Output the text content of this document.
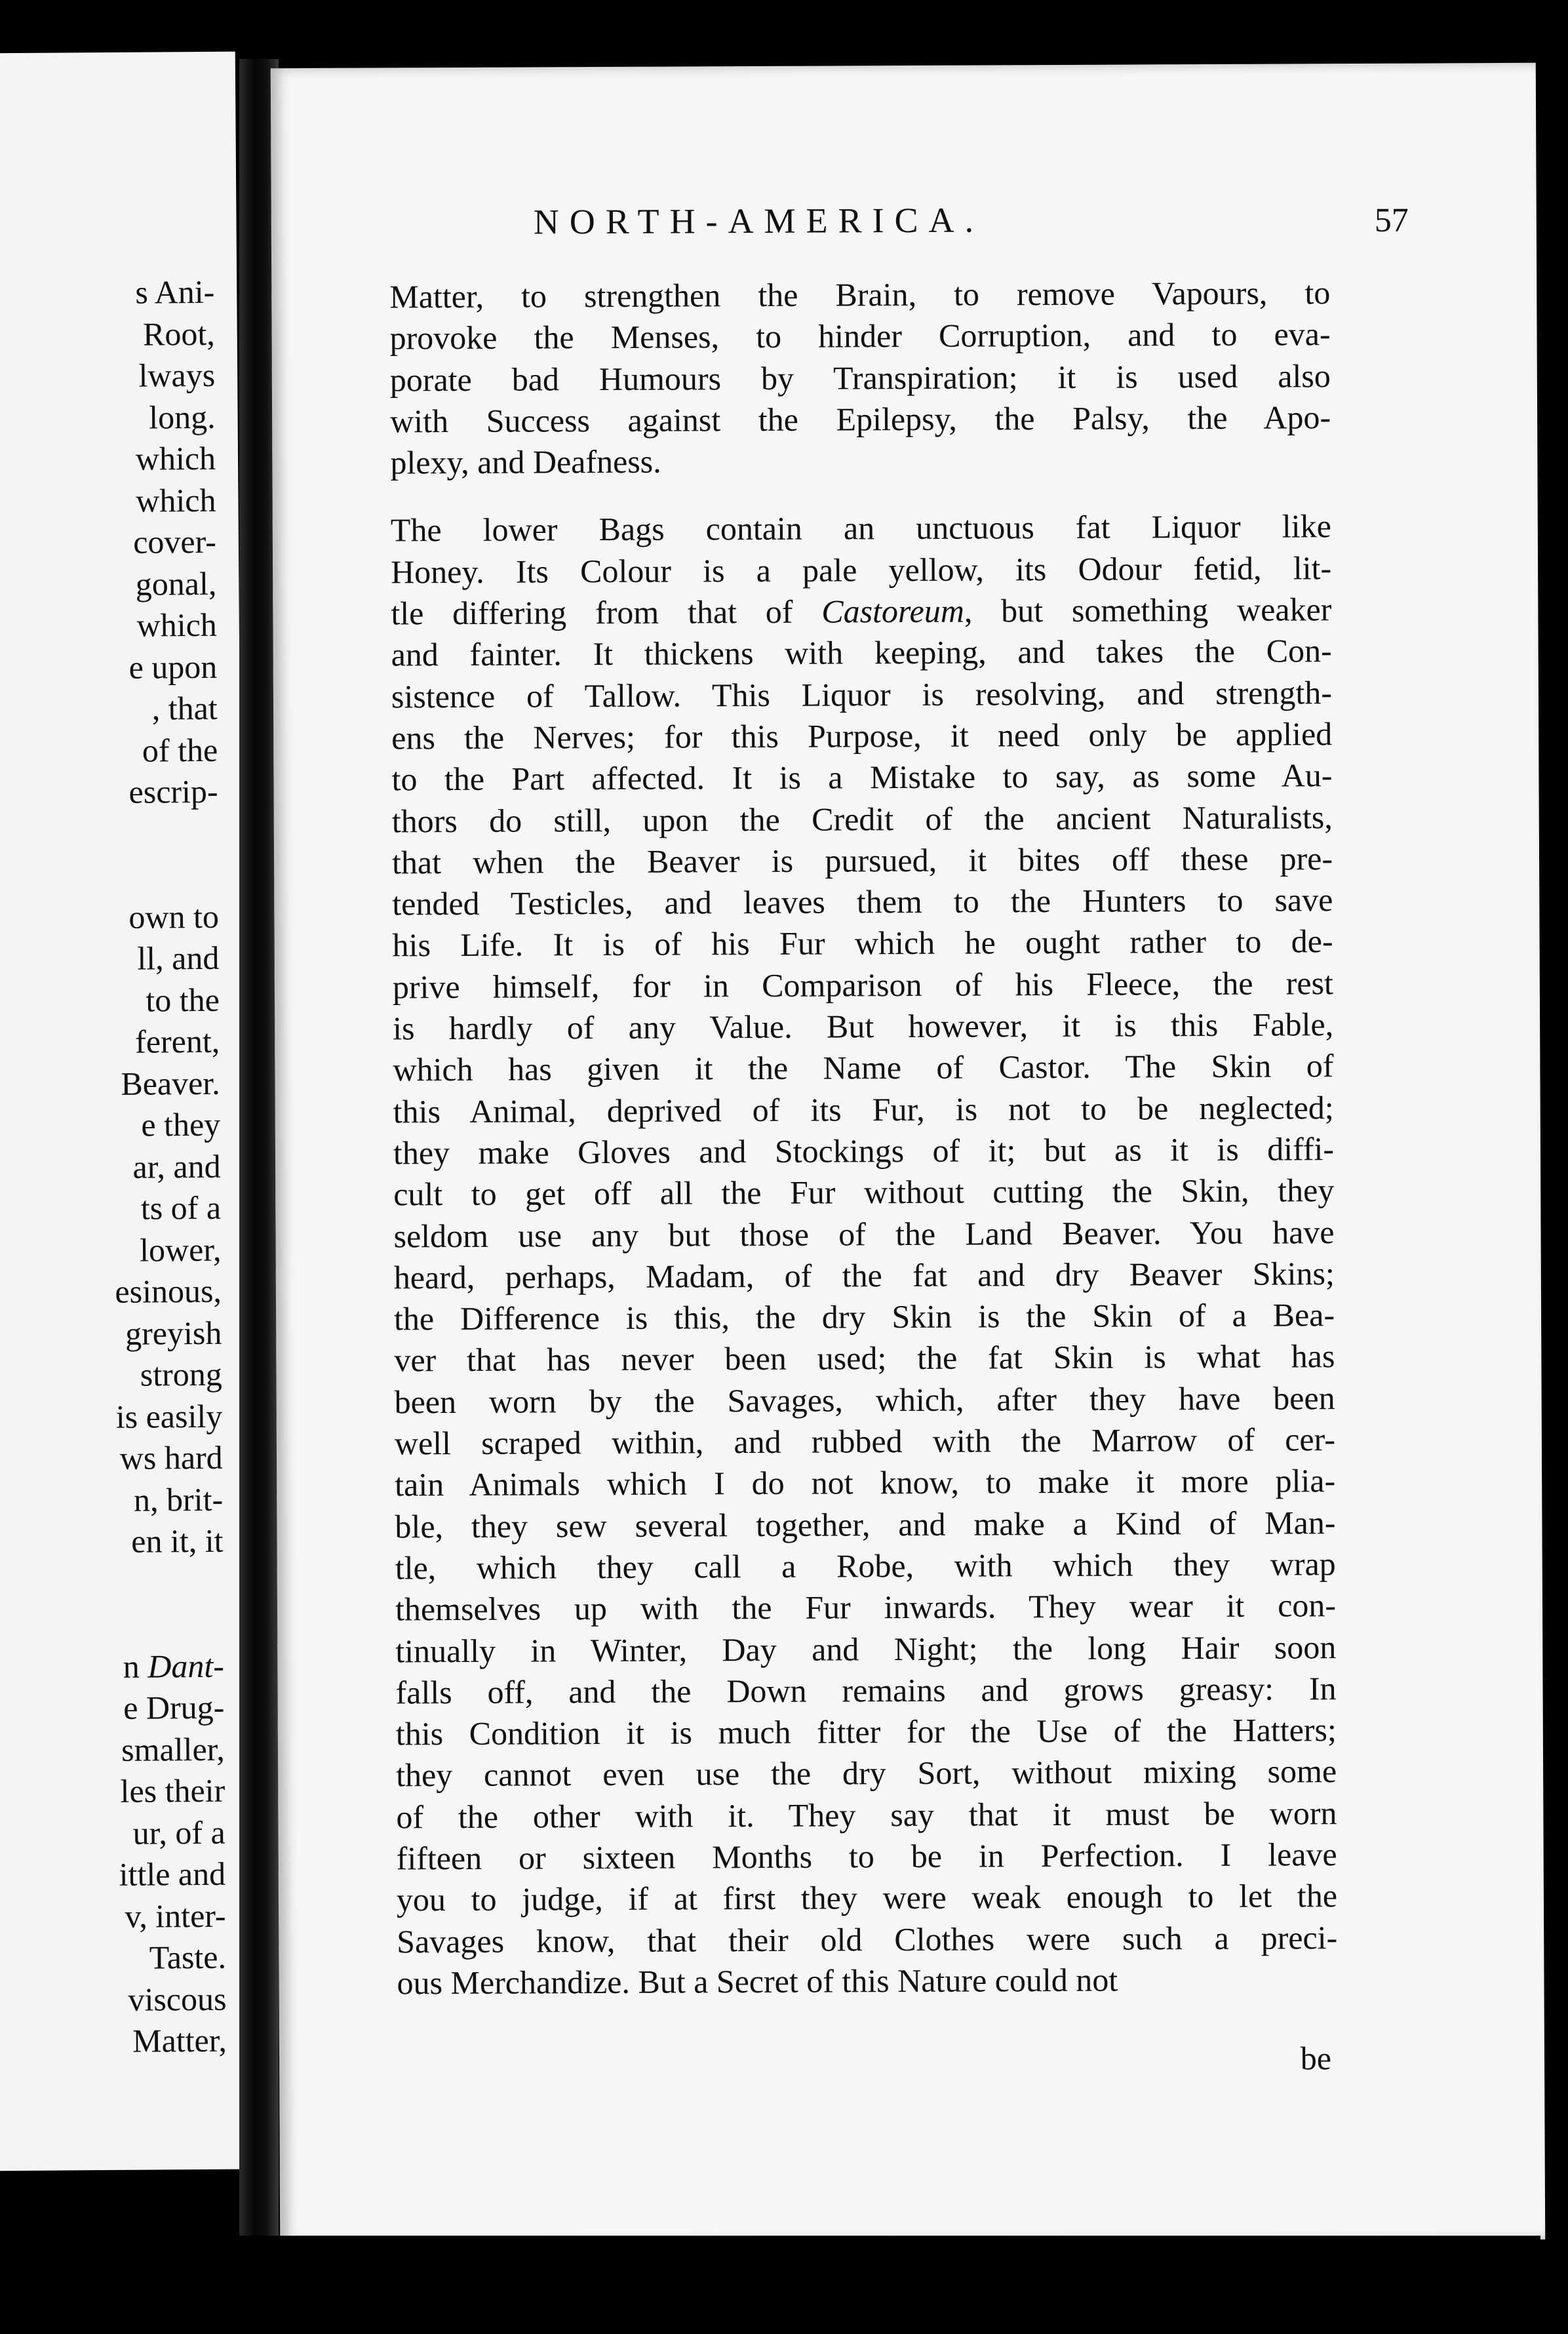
s Ani-
Root,
lways
long.
which
which
cover-
gonal,
which
e upon
, that
of the
escrip-
own to
ll, and
to the
ferent,
Beaver.
e they
ar, and
ts of a
lower,
esinous,
greyish
strong
is easily
ws hard
n, brit-
en it, it
n Dant-
e Drug-
smaller,
les their
ur, of a
ittle and
v, inter-
Taste.
viscous
Matter,
NORTH-AMERICA.	57
Matter, to strengthen the Brain, to remove Vapours, to
provoke the Menses, to hinder Corruption, and to eva-
porate bad Humours by Transpiration; it is used also
with Success against the Epilepsy, the Palsy, the Apo-
plexy, and Deafness.
The lower Bags contain an unctuous fat Liquor like
Honey. Its Colour is a pale yellow, its Odour fetid, lit-
tle differing from that of Castoreum, but something weaker
and fainter. It thickens with keeping, and takes the Con-
sistence of Tallow. This Liquor is resolving, and strength-
ens the Nerves; for this Purpose, it need only be applied
to the Part affected. It is a Mistake to say, as some Au-
thors do still, upon the Credit of the ancient Naturalists,
that when the Beaver is pursued, it bites off these pre-
tended Testicles, and leaves them to the Hunters to save
his Life. It is of his Fur which he ought rather to de-
prive himself, for in Comparison of his Fleece, the rest
is hardly of any Value. But however, it is this Fable,
which has given it the Name of Castor. The Skin of
this Animal, deprived of its Fur, is not to be neglected;
they make Gloves and Stockings of it; but as it is diffi-
cult to get off all the Fur without cutting the Skin, they
seldom use any but those of the Land Beaver. You have
heard, perhaps, Madam, of the fat and dry Beaver Skins;
the Difference is this, the dry Skin is the Skin of a Bea-
ver that has never been used; the fat Skin is what has
been worn by the Savages, which, after they have been
well scraped within, and rubbed with the Marrow of cer-
tain Animals which I do not know, to make it more plia-
ble, they sew several together, and make a Kind of Man-
tle, which they call a Robe, with which they wrap
themselves up with the Fur inwards. They wear it con-
tinually in Winter, Day and Night; the long Hair soon
falls off, and the Down remains and grows greasy: In
this Condition it is much fitter for the Use of the Hatters;
they cannot even use the dry Sort, without mixing some
of the other with it. They say that it must be worn
fifteen or sixteen Months to be in Perfection. I leave
you to judge, if at first they were weak enough to let the
Savages know, that their old Clothes were such a preci-
ous Merchandize. But a Secret of this Nature could not
be
